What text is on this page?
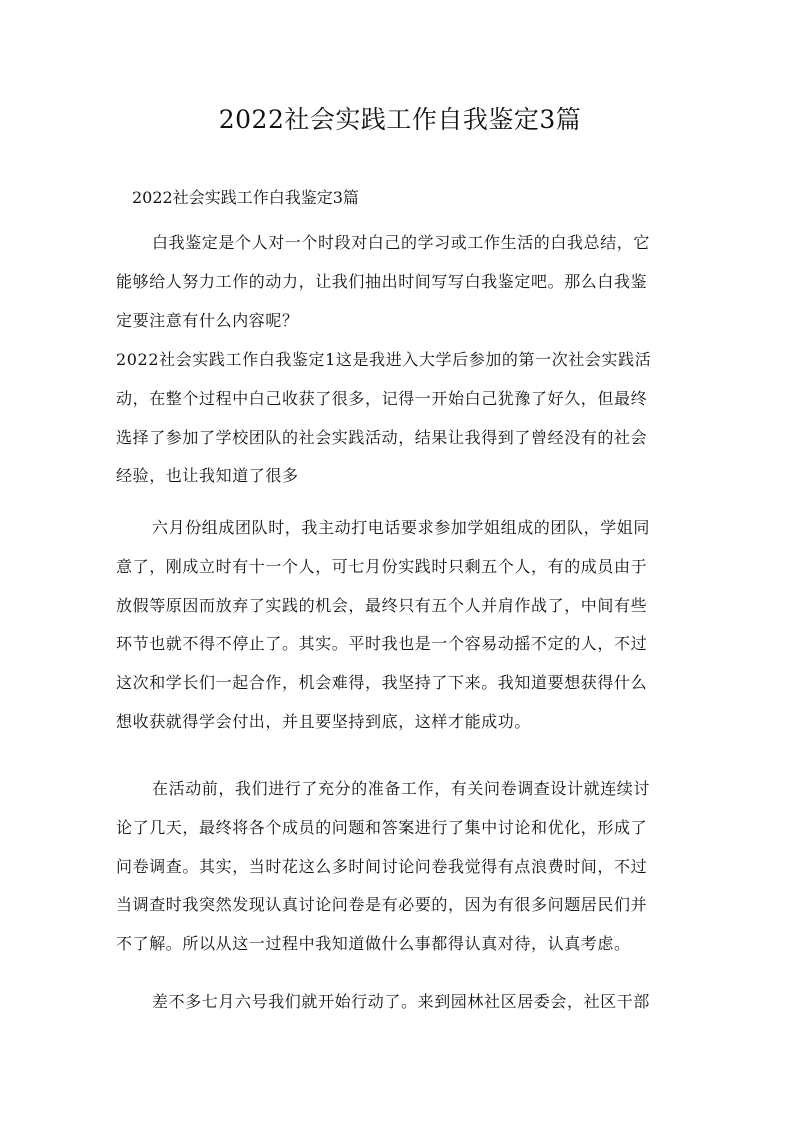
2022社会实践工作自我鉴定3篇
2022社会实践工作白我鉴定3篇
白我鉴定是个人对一个时段对白己的学习或工作生活的白我总结，它
能够给人努力工作的动力，让我们抽出时间写写白我鉴定吧。那么白我鉴
定要注意有什么内容呢？
2022社会实践工作白我鉴定1这是我进入大学后参加的第一次社会实践活
动，在整个过程中白己收获了很多，记得一开始白己犹豫了好久，但最终
选择了参加了学校团队的社会实践活动，结果让我得到了曾经没有的社会
经验，也让我知道了很多
六月份组成团队时，我主动打电话要求参加学姐组成的团队，学姐同
意了，刚成立时有十一个人，可七月份实践时只剩五个人，有的成员由于
放假等原因而放弃了实践的机会，最终只有五个人并肩作战了，中间有些
环节也就不得不停止了。其实。平时我也是一个容易动摇不定的人，不过
这次和学长们一起合作，机会难得，我坚持了下来。我知道要想获得什么
想收获就得学会付出，并且要坚持到底，这样才能成功。
在活动前，我们进行了充分的准备工作，有关问卷调查设计就连续讨
论了几天，最终将各个成员的问题和答案进行了集中讨论和优化，形成了
问卷调查。其实，当时花这么多时间讨论问卷我觉得有点浪费时间，不过
当调查时我突然发现认真讨论问卷是有必要的，因为有很多问题居民们并
不了解。所以从这一过程中我知道做什么事都得认真对待，认真考虑。
差不多七月六号我们就开始行动了。来到园林社区居委会，社区干部
